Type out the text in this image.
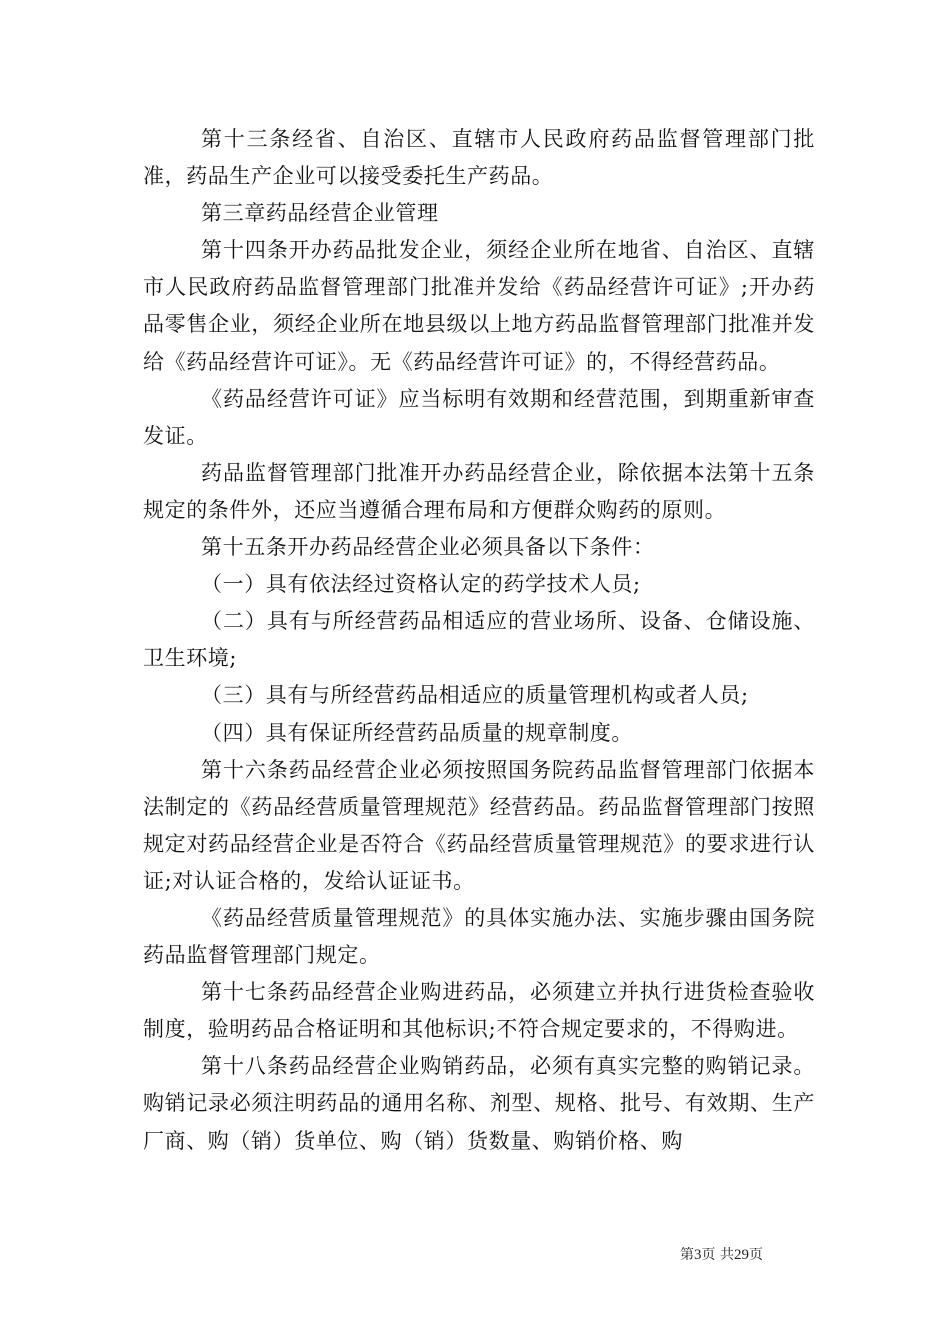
第十三条经省、自治区、直辖市人民政府药品监督管理部门批准，药品生产企业可以接受委托生产药品。

第三章药品经营企业管理

第十四条开办药品批发企业，须经企业所在地省、自治区、直辖市人民政府药品监督管理部门批准并发给《药品经营许可证》;开办药品零售企业，须经企业所在地县级以上地方药品监督管理部门批准并发给《药品经营许可证》。无《药品经营许可证》的，不得经营药品。

《药品经营许可证》应当标明有效期和经营范围，到期重新审查发证。

药品监督管理部门批准开办药品经营企业，除依据本法第十五条规定的条件外，还应当遵循合理布局和方便群众购药的原则。

第十五条开办药品经营企业必须具备以下条件：

（一）具有依法经过资格认定的药学技术人员;

（二）具有与所经营药品相适应的营业场所、设备、仓储设施、卫生环境;

（三）具有与所经营药品相适应的质量管理机构或者人员;

（四）具有保证所经营药品质量的规章制度。

第十六条药品经营企业必须按照国务院药品监督管理部门依据本法制定的《药品经营质量管理规范》经营药品。药品监督管理部门按照规定对药品经营企业是否符合《药品经营质量管理规范》的要求进行认证;对认证合格的，发给认证证书。

《药品经营质量管理规范》的具体实施办法、实施步骤由国务院药品监督管理部门规定。

第十七条药品经营企业购进药品，必须建立并执行进货检查验收制度，验明药品合格证明和其他标识;不符合规定要求的，不得购进。

第十八条药品经营企业购销药品，必须有真实完整的购销记录。购销记录必须注明药品的通用名称、剂型、规格、批号、有效期、生产厂商、购（销）货单位、购（销）货数量、购销价格、购

第3页 共29页
